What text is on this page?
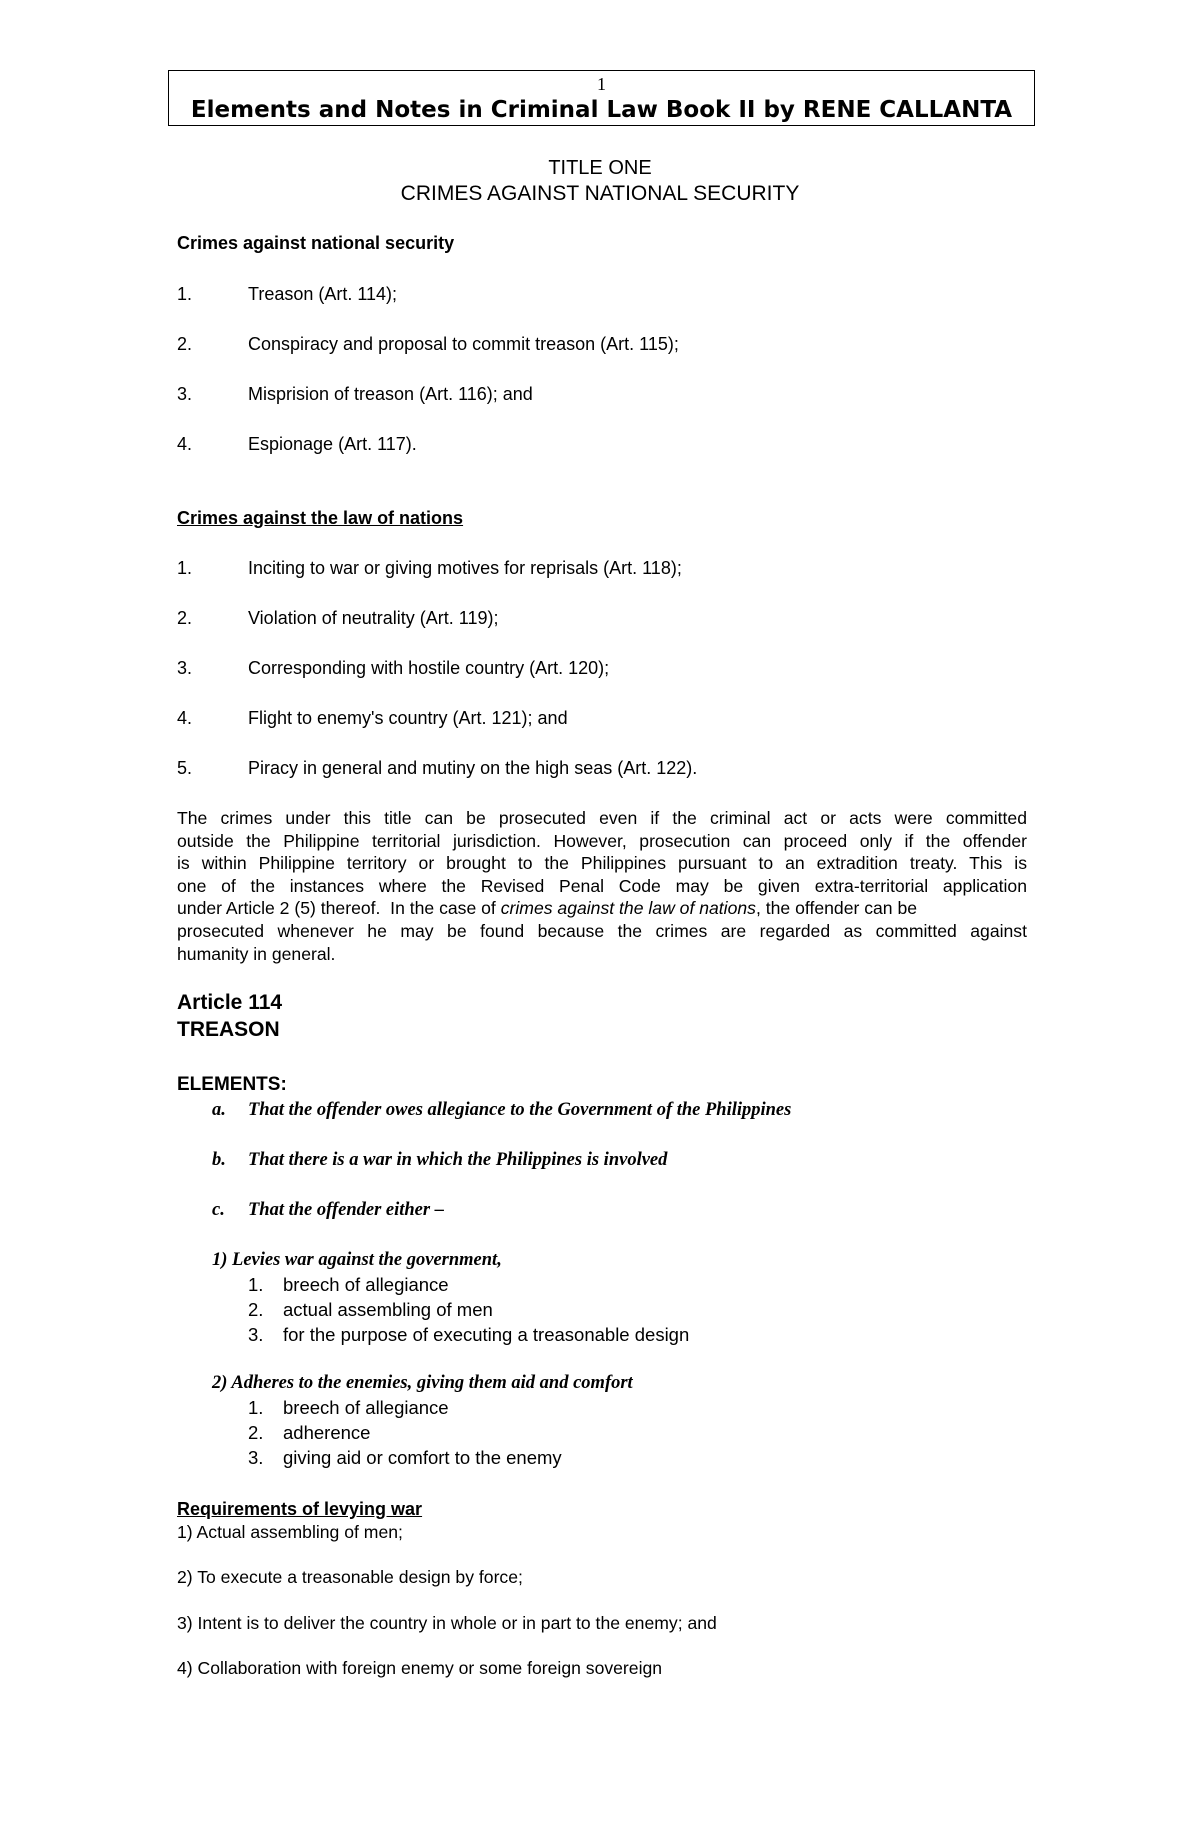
1
Elements and Notes in Criminal Law Book II by RENE CALLANTA
TITLE ONE
CRIMES AGAINST NATIONAL SECURITY
Crimes against national security
1.	Treason (Art. 114);
2.	Conspiracy and proposal to commit treason (Art. 115);
3.	Misprision of treason (Art. 116); and
4.	Espionage (Art. 117).
Crimes against the law of nations
1.	Inciting to war or giving motives for reprisals (Art. 118);
2.	Violation of neutrality (Art. 119);
3.	Corresponding with hostile country (Art. 120);
4.	Flight to enemy's country (Art. 121); and
5.	Piracy in general and mutiny on the high seas (Art. 122).
The crimes under this title can be prosecuted even if the criminal act or acts were committed
outside the Philippine territorial jurisdiction. However, prosecution can proceed only if the offender
is within Philippine territory or brought to the Philippines pursuant to an extradition treaty. This is
one of the instances where the Revised Penal Code may be given extra-territorial application
under Article 2 (5) thereof.  In the case of crimes against the law of nations , the offender can be
prosecuted whenever he may be found because the crimes are regarded as committed against
humanity in general.
Article 114
TREASON
ELEMENTS:
a. That the offender owes allegiance to the Government of the Philippines
b. That there is a war in which the Philippines is involved
c. That the offender either –
1) Levies war against the government,
1. breech of allegiance
2. actual assembling of men
3. for the purpose of executing a treasonable design
2) Adheres to the enemies, giving them aid and comfort
1. breech of allegiance
2. adherence
3. giving aid or comfort to the enemy
Requirements of levying war
1) Actual assembling of men;
2) To execute a treasonable design by force;
3) Intent is to deliver the country in whole or in part to the enemy; and
4) Collaboration with foreign enemy or some foreign sovereign
